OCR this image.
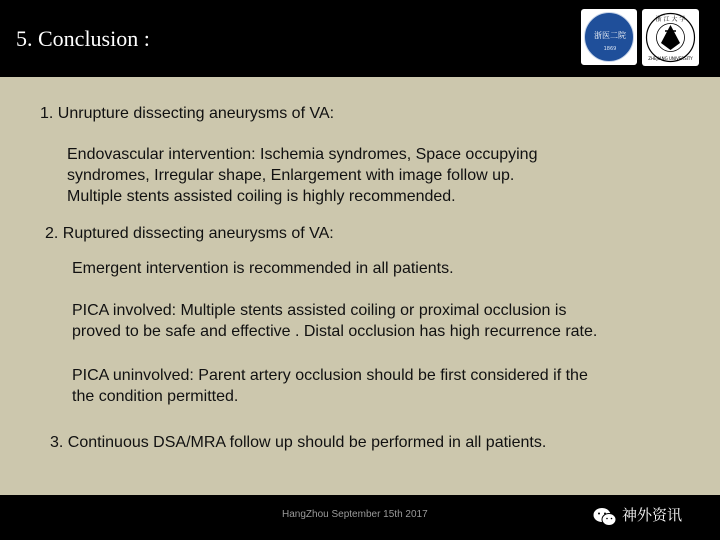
5. Conclusion :	浙医二院
1869
浙 江 大 学
ZHEJIANG UNIVERSITY
1. Unrupture dissecting aneurysms of VA:
Endovascular intervention: Ischemia syndromes, Space occupying
syndromes, Irregular shape, Enlargement with image follow up.
Multiple stents assisted coiling is highly recommended.
2. Ruptured dissecting aneurysms of VA:
Emergent intervention is recommended in all patients.
PICA involved: Multiple stents assisted coiling or proximal occlusion is
proved to be safe and effective . Distal occlusion has high recurrence rate.
PICA uninvolved: Parent artery occlusion should be first considered if the
the condition permitted.
3. Continuous DSA/MRA follow up should be performed in all patients.
HangZhou September 15th 2017	神外资讯
